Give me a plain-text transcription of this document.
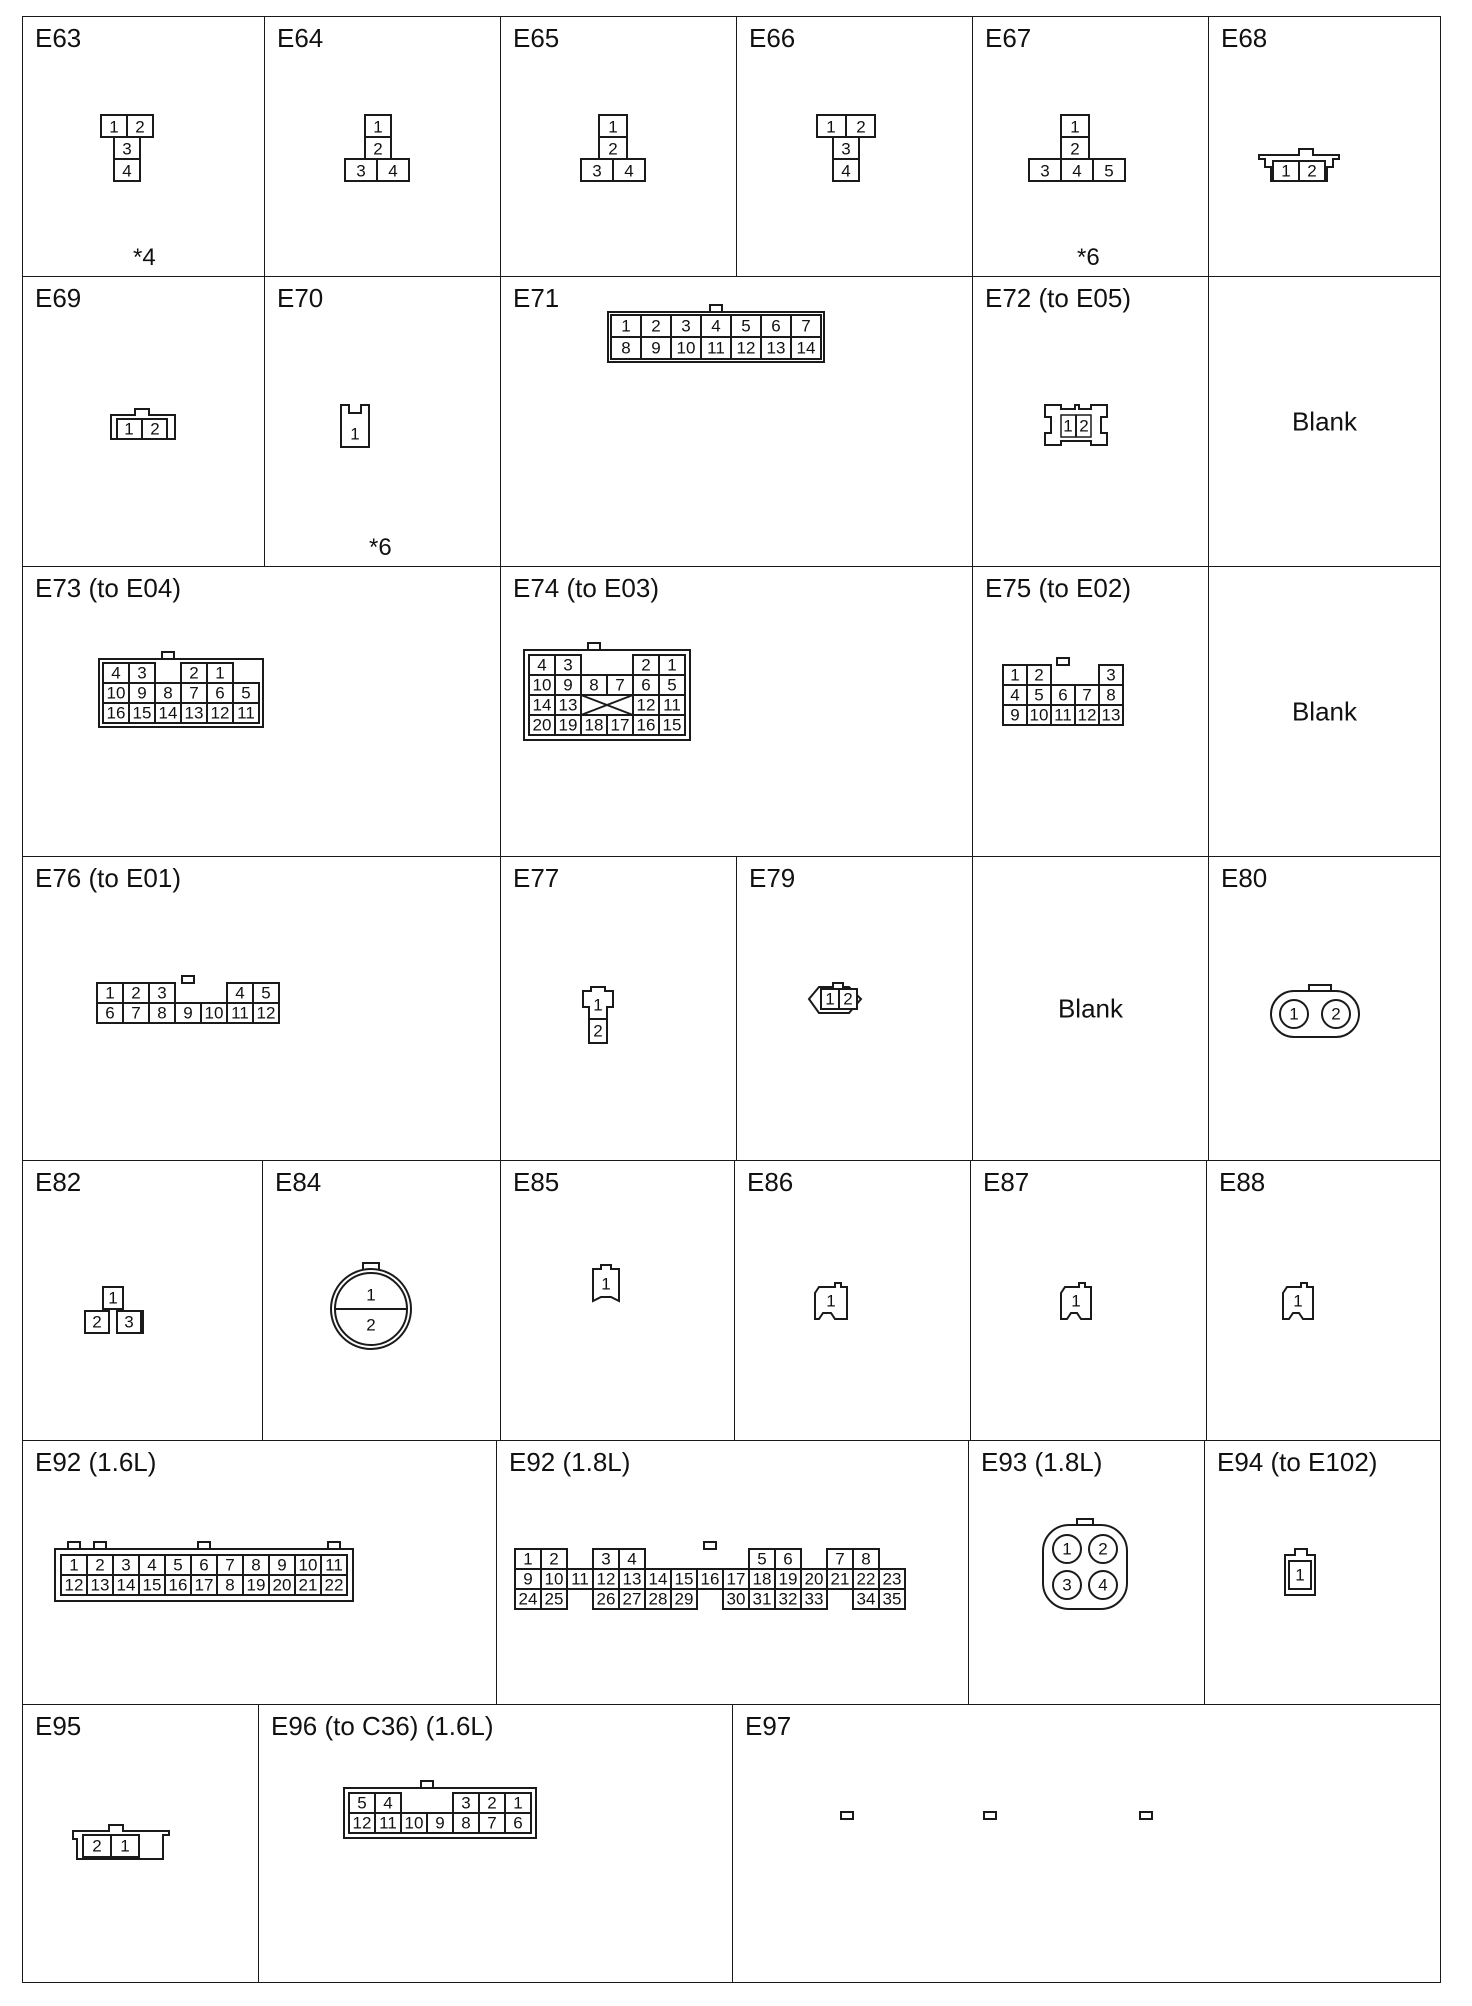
E63
1 2
3
4
*4
E64
1
2
3 4
E65
1
2
3 4
E66
1 2
3
4
E67
1
2
3 4 5
*6
E68
1 2
E69
1 2
E70
1
*6
E71
1 2 3 4 5 6 7
8 9 10 11 12 13 14
E72 (to E05)
1 2	Blank
E73 (to E04)
4 3	2 1
10 9 8 7 6 5
16 15 14 13 12 11
E74 (to E03)
4 3	2 1
10 9 8 7 6 5
14 13	12 11
20 19 18 17 16 15
E75 (to E02)
1 2	3
4 5 6 7 8
9 10 11 12 13	Blank
E76 (to E01)
1 2 3	4 5
6 7 8 9 10 11 12
E77
1
2
E79
1 2	Blank
E80
1 2
E82
1
2 3
E84
1
2
E85
1
E86
1
E87
1
E88
1
E92 (1.6L)
1 2 3 4 5 6 7 8 9 10 11
12 13 14 15 16 17 8 19 20 21 22
E92 (1.8L)
1 2	3 4	5 6	7 8
9 10 11 12 13 14 15 16 17 18 19 20 21 22 23
24 25 26 27 28 29 30 31 32 33 34 35
E93 (1.8L)
1 2
3 4
E94 (to E102)
1
E95
2 1
E96 (to C36) (1.6L)
5 4	3 2 1
12 11 10 9 8 7 6
E97
